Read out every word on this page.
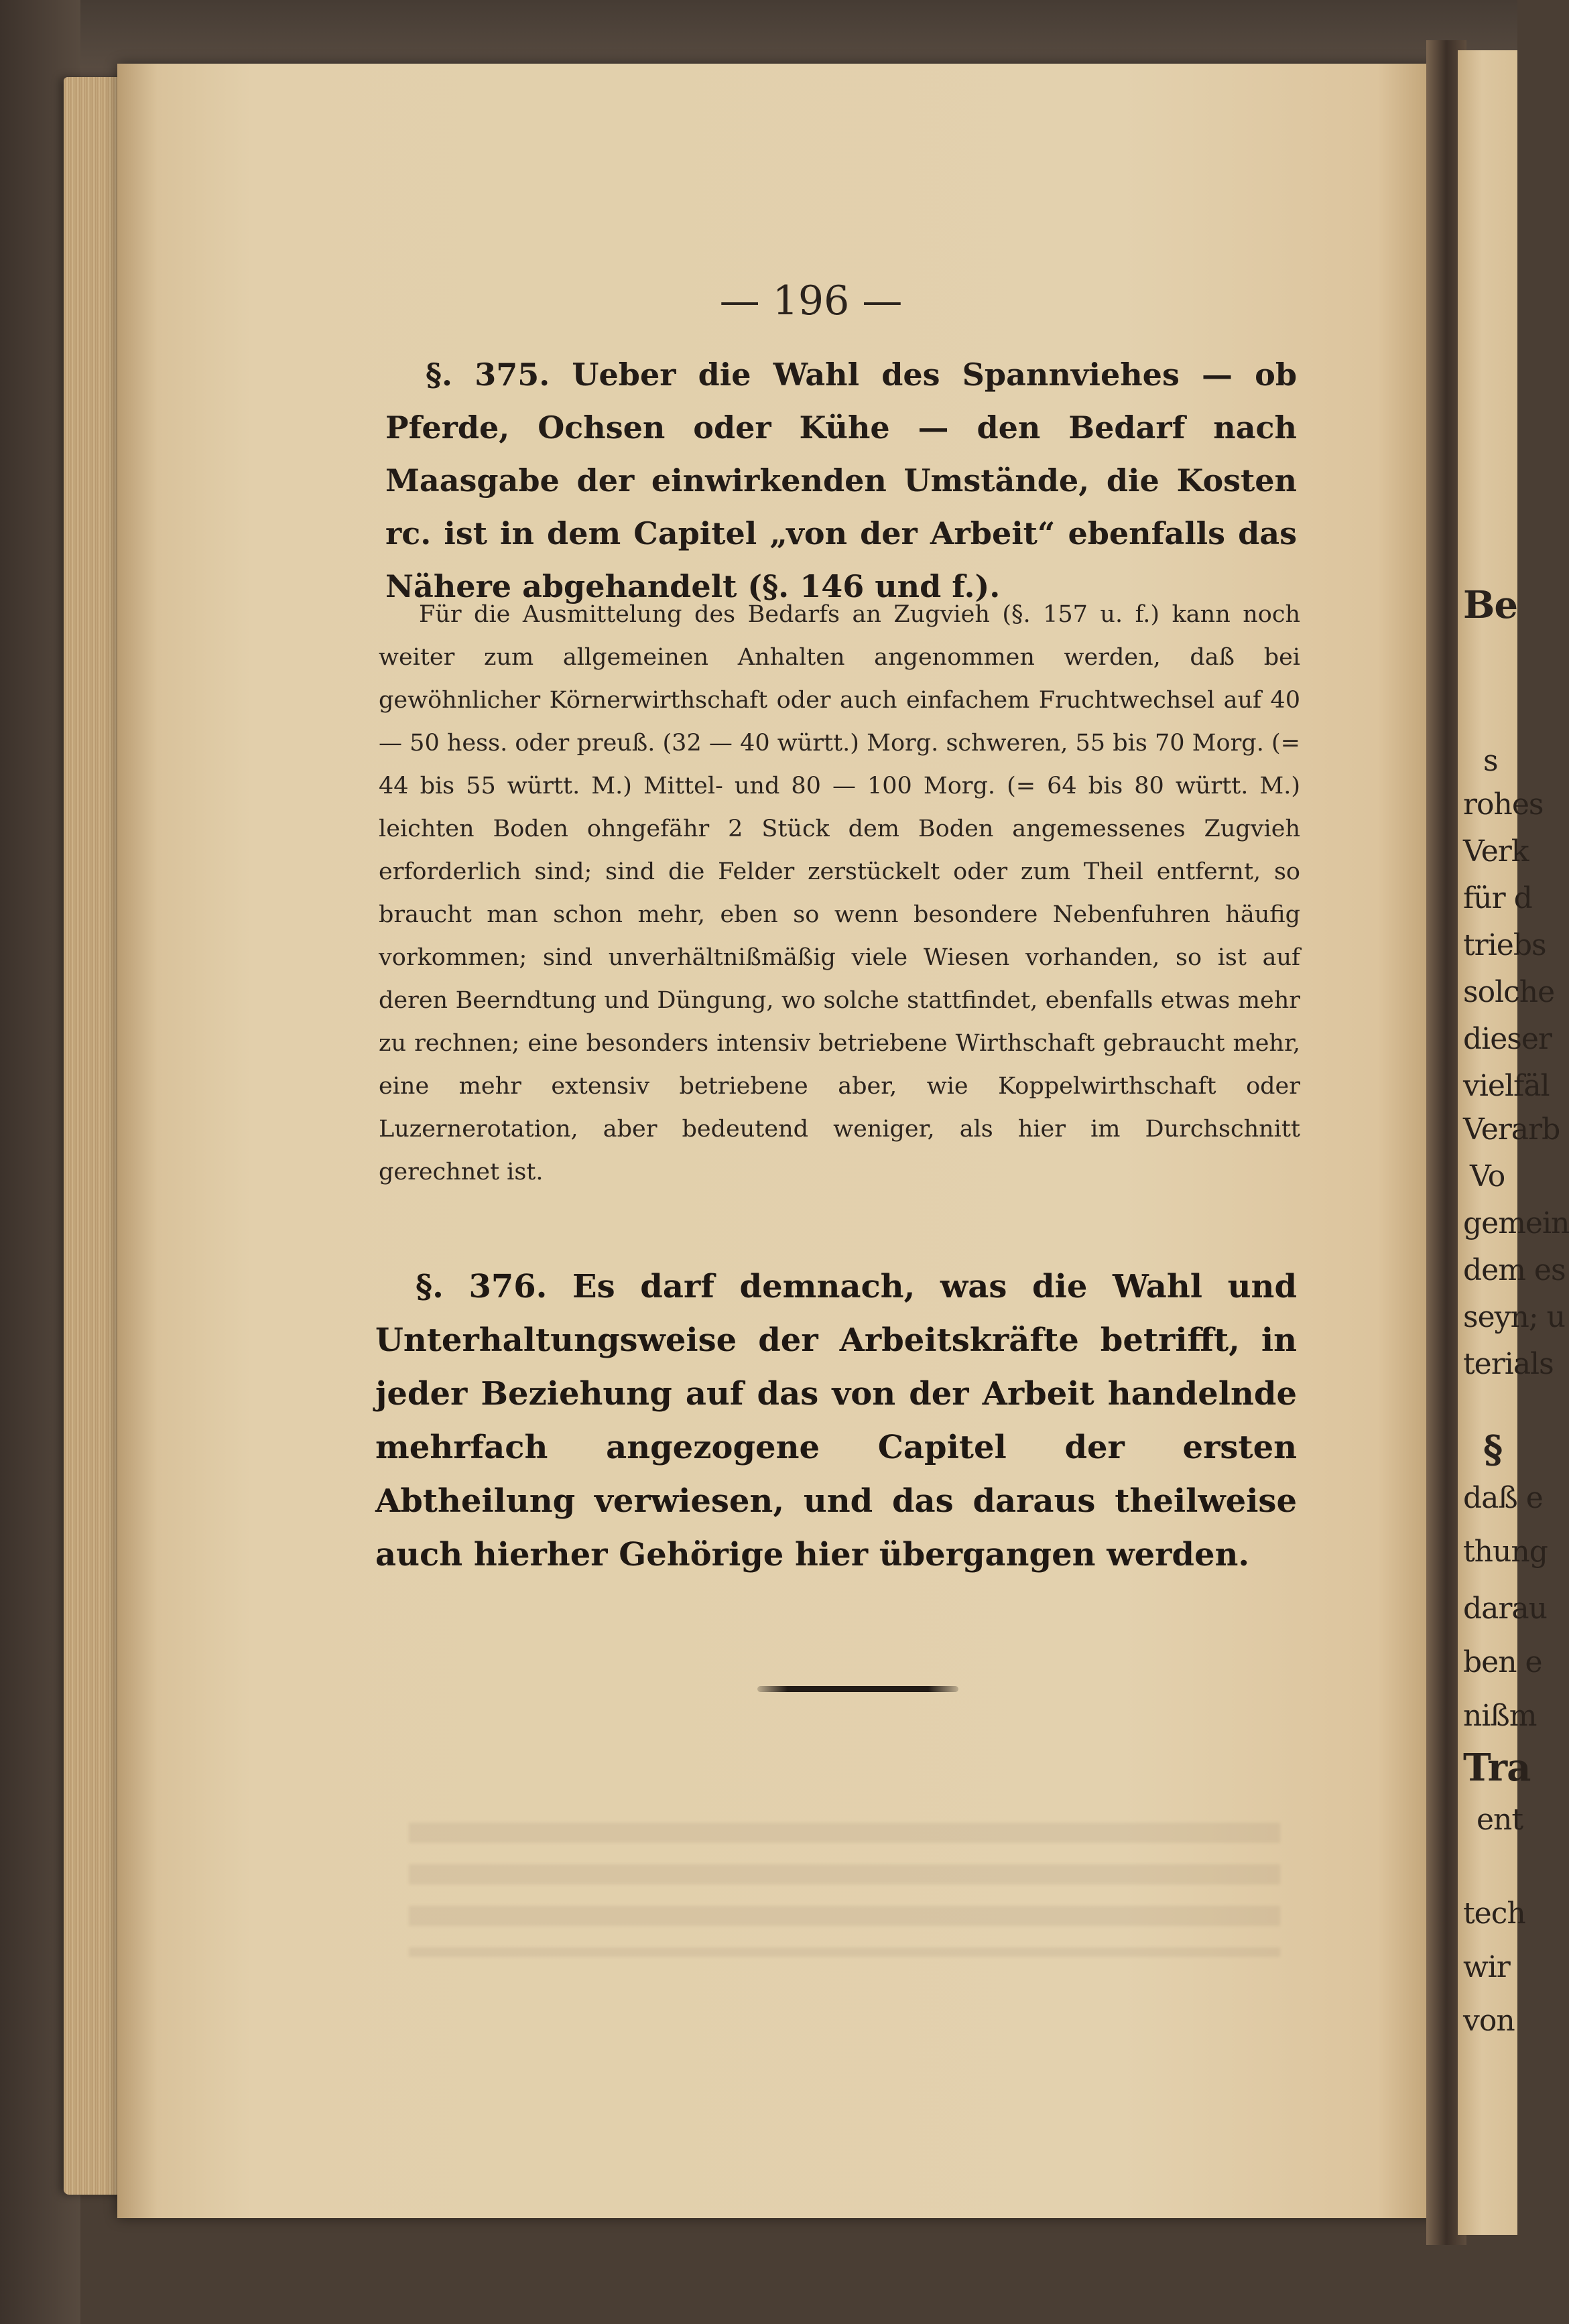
Be
s
rohes
Verk
für d
triebs
solche
dieser
vielfäl
Verarb
Vo
gemein
dem es
seyn; u
terials
§
daß e
thung
darau
ben e
nißm
Tra
ent
tech
wir
von
— 196 —
§. 375. Ueber die Wahl des Spannviehes — ob Pferde, Ochsen oder Kühe — den Bedarf nach Maasgabe der einwirkenden Umstände, die Kosten rc. ist in dem Capitel „von der Arbeit“ ebenfalls das Nähere abgehandelt (§. 146 und f.).
Für die Ausmittelung des Bedarfs an Zugvieh (§. 157 u. f.) kann noch weiter zum allgemeinen Anhalten angenommen werden, daß bei gewöhnlicher Körnerwirthschaft oder auch einfachem Fruchtwechsel auf 40 — 50 hess. oder preuß. (32 — 40 württ.) Morg. schweren, 55 bis 70 Morg. (= 44 bis 55 württ. M.) Mittel- und 80 — 100 Morg. (= 64 bis 80 württ. M.) leichten Boden ohngefähr 2 Stück dem Boden angemessenes Zugvieh erforderlich sind; sind die Felder zerstückelt oder zum Theil entfernt, so braucht man schon mehr, eben so wenn besondere Nebenfuhren häufig vorkommen; sind unverhältnißmäßig viele Wiesen vorhanden, so ist auf deren Beerndtung und Düngung, wo solche stattfindet, ebenfalls etwas mehr zu rechnen; eine besonders intensiv betriebene Wirthschaft gebraucht mehr, eine mehr extensiv betriebene aber, wie Koppelwirthschaft oder Luzernerotation, aber bedeutend weniger, als hier im Durchschnitt gerechnet ist.
§. 376. Es darf demnach, was die Wahl und Unterhaltungsweise der Arbeitskräfte betrifft, in jeder Beziehung auf das von der Arbeit handelnde mehrfach angezogene Capitel der ersten Abtheilung verwiesen, und das daraus theilweise auch hierher Gehörige hier übergangen werden.
